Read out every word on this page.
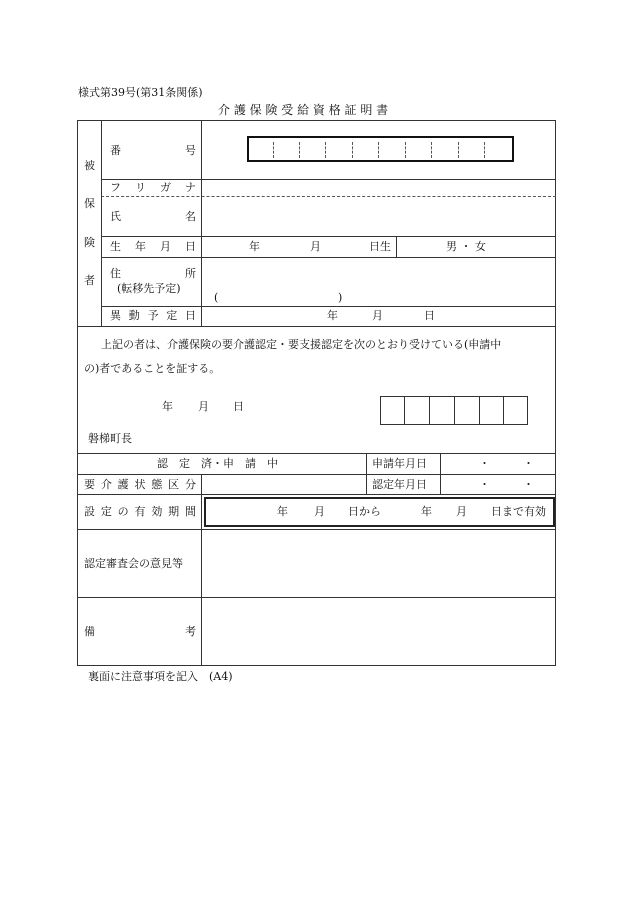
様式第39号(第31条関係)
介 護 保 険 受 給 資 格 証 明 書
被
保
険
者
番	号
フ リ ガ ナ
氏	名
生 年 月 日	年	月	日生	男 ・ 女
住	所
(転移先予定)
(	)
異 動 予 定 日	年	月	日
上記の者は、介護保険の要介護認定・要支援認定を次のとおり受けている(申請中
の)者であることを証する。
年 月 日
磐梯町長
認　定　済・申　請　中	申請年月日	・　　　・
要 介 護 状 態 区 分	認定年月日	・　　　・
設 定 の 有 効 期 間	年 月 日から	年 月 日まで有効
認定審査会の意見等
備	考
裏面に注意事項を記入　(A4)
